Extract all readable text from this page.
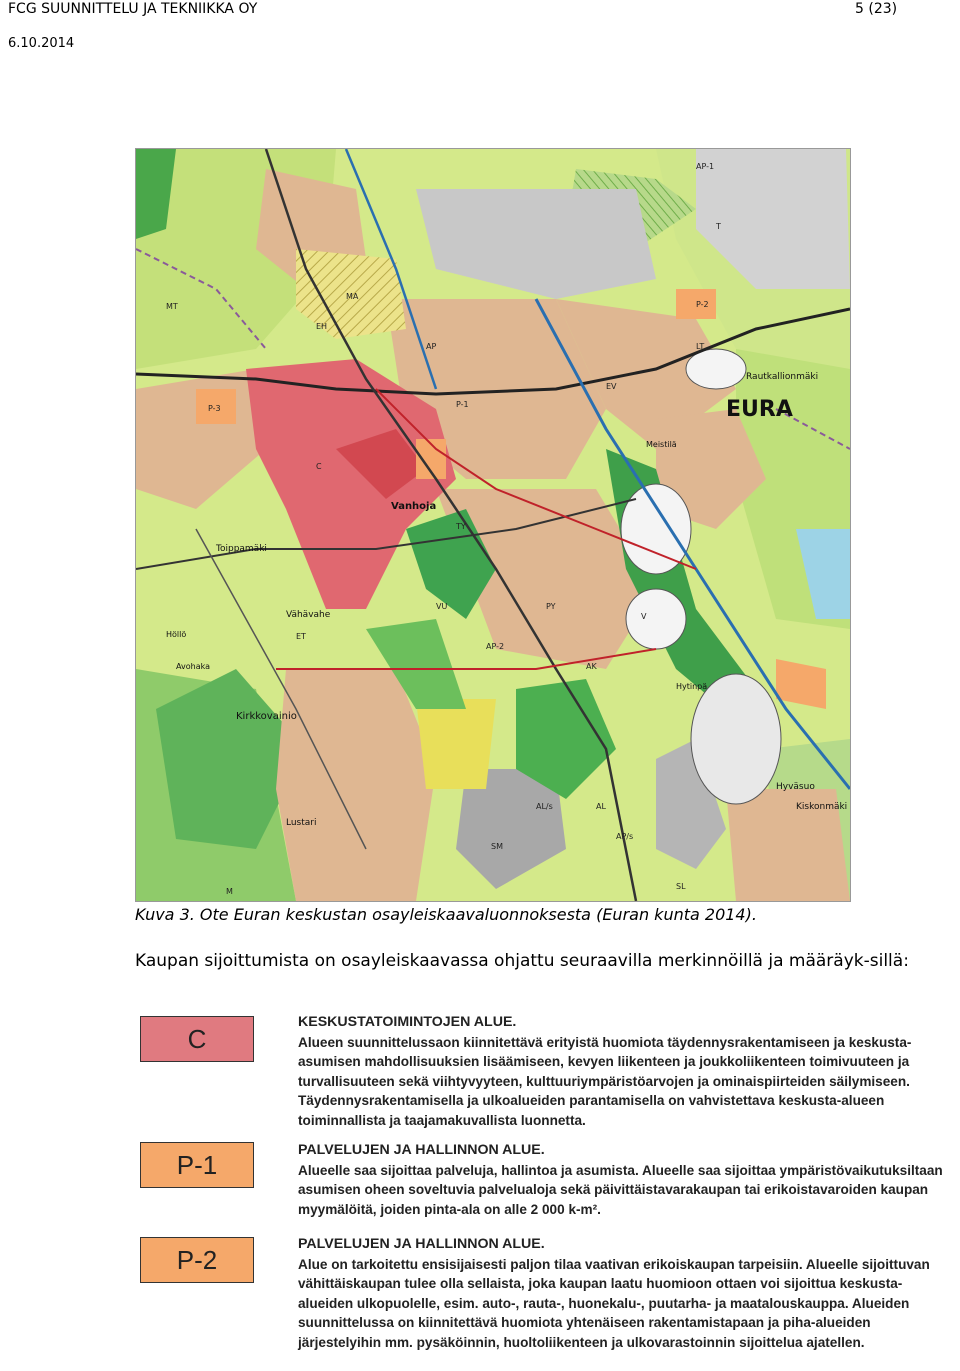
FCG SUUNNITTELU JA TEKNIIKKA OY	5 (23)
6.10.2014
EURA
Toippamäki
Vähävahe
Kirkkovainio
Lustari
Hyväsuo
Kiskonmäki
Rautkallionmäki
Vanhoja
Höllö
Avohaka
Meistilä
Hytinpä
AP
C
P-1
P-2
P-3
MT
MA
T
TY
EV
VU
V
SM
AL
AK
LT
ET
EH
M
AP-1
AP-2
AL/s
AP/s
SL
PY
Kuva 3. Ote Euran keskustan osayleiskaavaluonnoksesta (Euran kunta 2014).
Kaupan sijoittumista on osayleiskaavassa ohjattu seuraavilla merkinnöillä ja määräyk-sillä:
C
KESKUSTATOIMINTOJEN ALUE.
Alueen suunnittelussaon kiinnitettävä erityistä huomiota täydennysrakentamiseen ja keskusta-asumisen mahdollisuuksien lisäämiseen, kevyen liikenteen ja joukkoliikenteen toimivuuteen ja turvallisuuteen sekä viihtyvyyteen, kulttuuriympäristöarvojen ja ominaispiirteiden säilymiseen. Täydennysrakentamisella ja ulkoalueiden parantamisella on vahvistettava keskusta-alueen toiminnallista ja taajamakuvallista luonnetta.
P-1	PALVELUJEN JA HALLINNON ALUE.
Alueelle saa sijoittaa palveluja, hallintoa ja asumista. Alueelle saa sijoittaa ympäristövaikutuksiltaan asumisen oheen soveltuvia palvelualoja sekä päivittäistavarakaupan tai erikoistavaroiden kaupan myymälöitä, joiden pinta-ala on alle 2 000 k-m².
P-2
PALVELUJEN JA HALLINNON ALUE.
Alue on tarkoitettu ensisijaisesti paljon tilaa vaativan erikoiskaupan tarpeisiin. Alueelle sijoittuvan vähittäiskaupan tulee olla sellaista, joka kaupan laatu huomioon ottaen voi sijoittua keskusta-alueiden ulkopuolelle, esim. auto-, rauta-, huonekalu-, puutarha- ja maatalouskauppa. Alueiden suunnittelussa on kiinnitettävä huomiota yhtenäiseen rakentamistapaan ja piha-alueiden järjestelyihin mm. pysäköinnin, huoltoliikenteen ja ulkovarastoinnin sijoittelua ajatellen.
